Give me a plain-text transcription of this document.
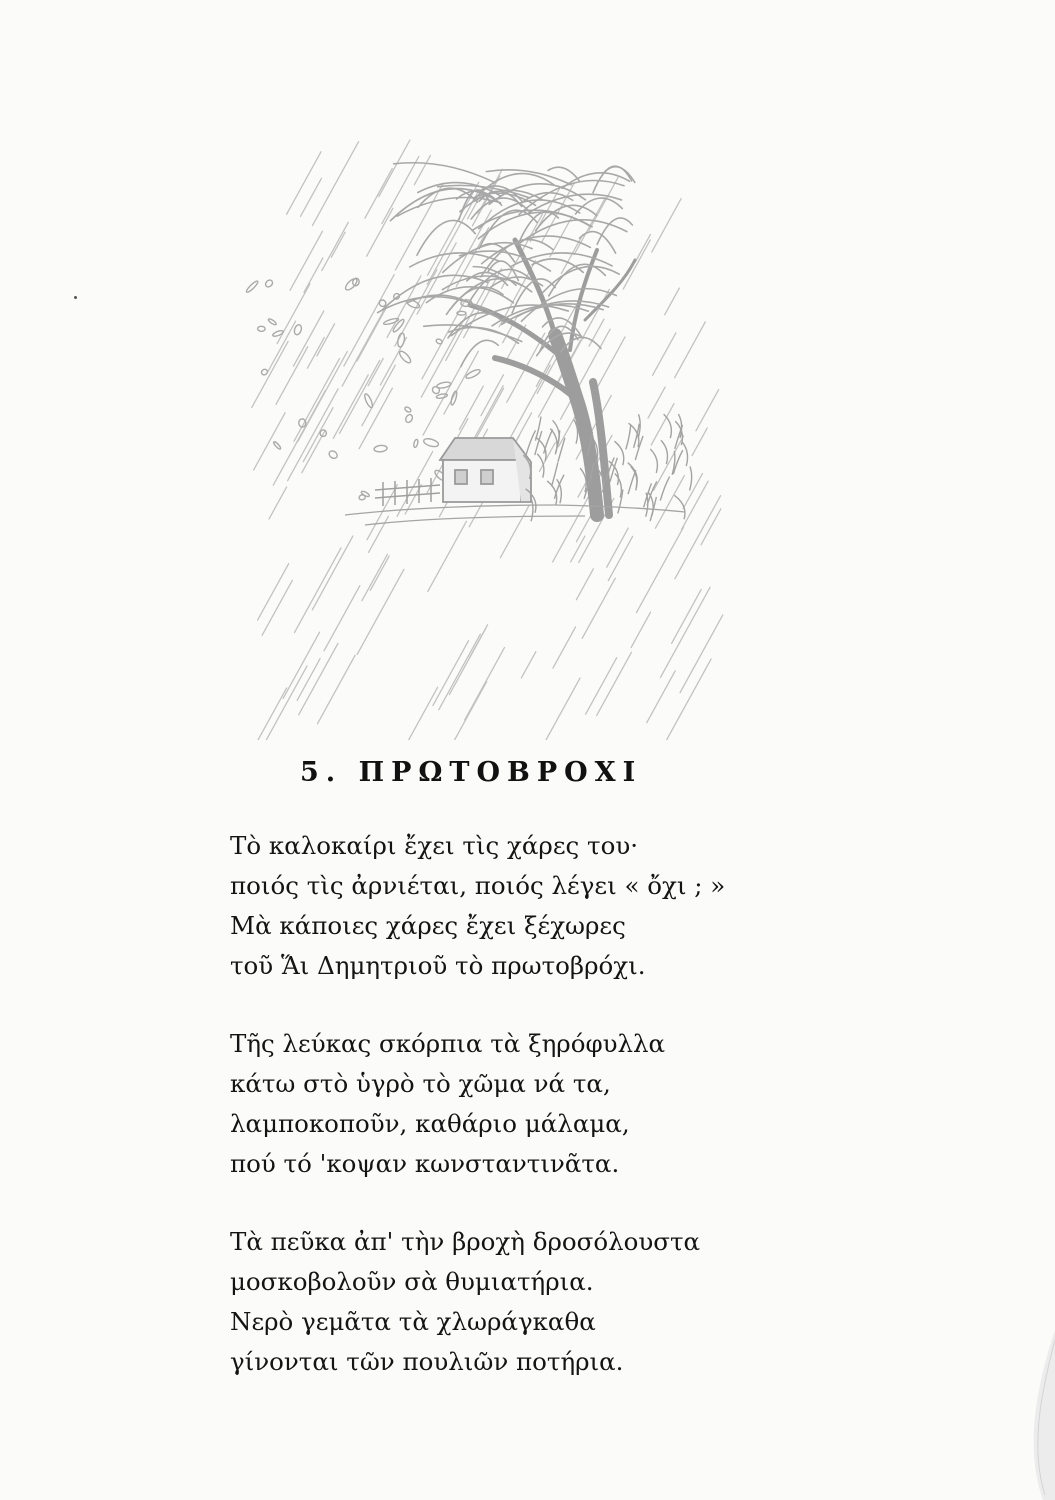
5. ΠΡΩΤΟΒΡΟΧΙ
Τὸ καλοκαίρι ἔχει τὶς χάρες του·
ποιός τὶς ἀρνιέται, ποιός λέγει « ὄχι ; »
Μὰ κάποιες χάρες ἔχει ξέχωρες
τοῦ Ἅι Δημητριοῦ τὸ πρωτοβρόχι.
Τῆς λεύκας σκόρπια τὰ ξηρόφυλλα
κάτω στὸ ὑγρὸ τὸ χῶμα νά τα,
λαμποκοποῦν, καθάριο μάλαμα,
πού τό 'κοψαν κωνσταντινᾶτα.
Τὰ πεῦκα ἀπ' τὴν βροχὴ δροσόλουστα
μοσκοβολοῦν σὰ θυμιατήρια.
Νερὸ γεμᾶτα τὰ χλωράγκαθα
γίνονται τῶν πουλιῶν ποτήρια.
